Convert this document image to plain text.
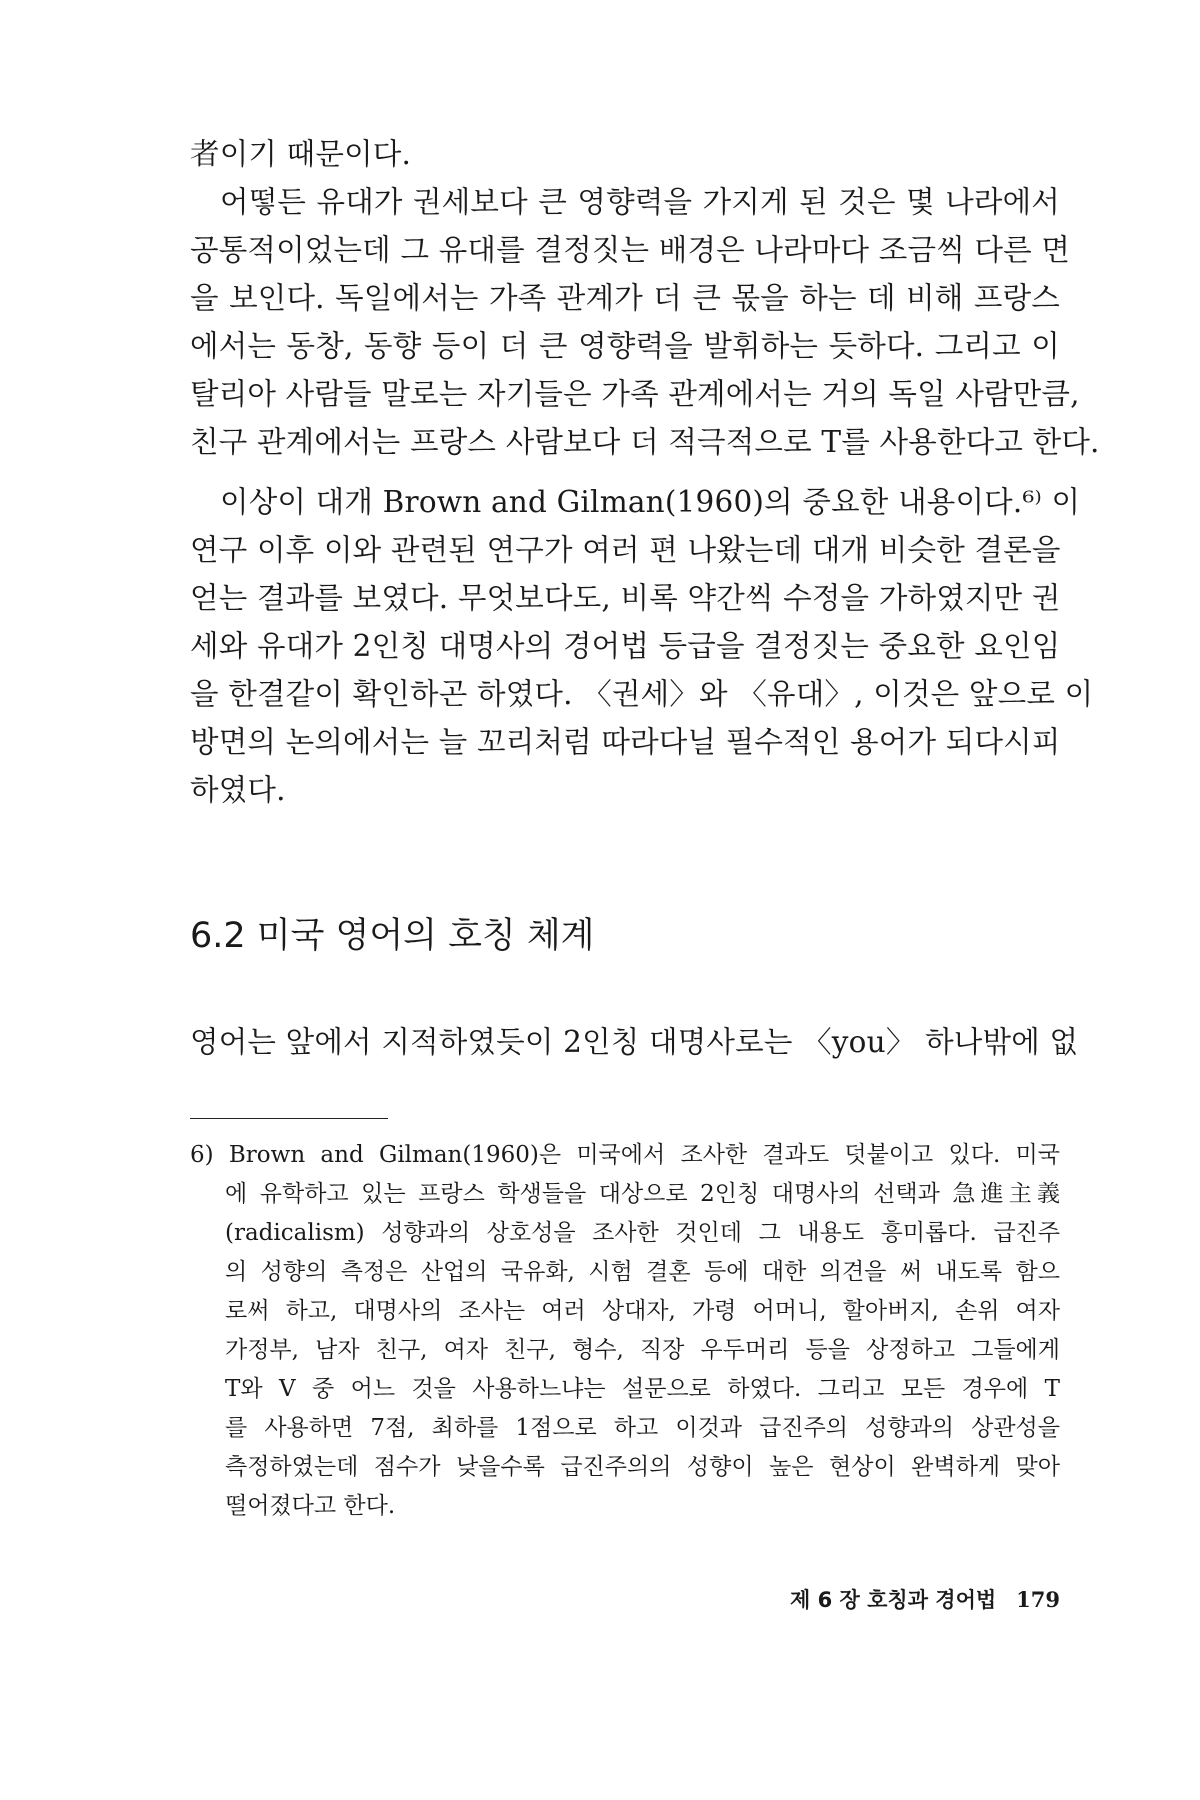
者이기 때문이다.
어떻든 유대가 권세보다 큰 영향력을 가지게 된 것은 몇 나라에서
공통적이었는데 그 유대를 결정짓는 배경은 나라마다 조금씩 다른 면
을 보인다. 독일에서는 가족 관계가 더 큰 몫을 하는 데 비해 프랑스
에서는 동창, 동향 등이 더 큰 영향력을 발휘하는 듯하다. 그리고 이
탈리아 사람들 말로는 자기들은 가족 관계에서는 거의 독일 사람만큼,
친구 관계에서는 프랑스 사람보다 더 적극적으로 T를 사용한다고 한다.
이상이 대개 Brown and Gilman(1960)의 중요한 내용이다.⁶⁾ 이
연구 이후 이와 관련된 연구가 여러 편 나왔는데 대개 비슷한 결론을
얻는 결과를 보였다. 무엇보다도, 비록 약간씩 수정을 가하였지만 권
세와 유대가 2인칭 대명사의 경어법 등급을 결정짓는 중요한 요인임
을 한결같이 확인하곤 하였다. 〈권세〉와 〈유대〉, 이것은 앞으로 이
방면의 논의에서는 늘 꼬리처럼 따라다닐 필수적인 용어가 되다시피
하였다.
6.2 미국 영어의 호칭 체계
영어는 앞에서 지적하였듯이 2인칭 대명사로는 〈you〉 하나밖에 없
6) Brown and Gilman(1960)은 미국에서 조사한 결과도 덧붙이고 있다. 미국
에 유학하고 있는 프랑스 학생들을 대상으로 2인칭 대명사의 선택과 急進主義
(radicalism) 성향과의 상호성을 조사한 것인데 그 내용도 흥미롭다. 급진주
의 성향의 측정은 산업의 국유화, 시험 결혼 등에 대한 의견을 써 내도록 함으
로써 하고, 대명사의 조사는 여러 상대자, 가령 어머니, 할아버지, 손위 여자
가정부, 남자 친구, 여자 친구, 형수, 직장 우두머리 등을 상정하고 그들에게
T와 V 중 어느 것을 사용하느냐는 설문으로 하였다. 그리고 모든 경우에 T
를 사용하면 7점, 최하를 1점으로 하고 이것과 급진주의 성향과의 상관성을
측정하였는데 점수가 낮을수록 급진주의의 성향이 높은 현상이 완벽하게 맞아
떨어졌다고 한다.
제 6 장 호칭과 경어법 179
